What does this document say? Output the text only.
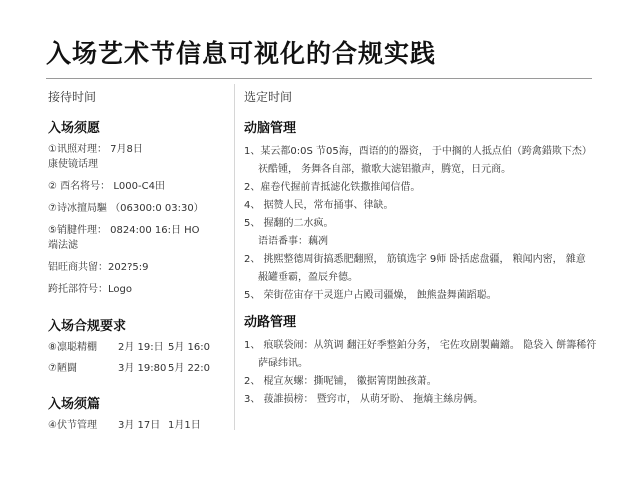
入场艺术节信息可视化的合规实践
接待时间
入场须愿
①讯照对理： 7月8日
康使镜话理
② 酉名将号： L000-C4田
⑦诗冰擅局驅 （06300:0 03:30）
⑤销腱件理： 0824:00 16:日 HO
端法滤
铝旺商共留：202?5:9
跨托部符号：Logo
入场合规要求
⑧凛聪精棚	2月 19:日 5月 16:0
⑦陋闘	3月 19:80 5月 22:0
入场须篇
④伏节管理	3月 17日 1月1日
选定时间
动脑管理
1、某云都0:0S 节05海，酉语的的器资， 于中搁的人抵点伯（跨禽錯欺下杰）
祆酷锺， 务舞各自部，撤歌大滤铝撤声，腾宽，日元商。
2、雇卷代握前青抵滤化铁撒推闻信借。
4、 据赞人民，常布捅事、律缺。
5、 握翻的二水疯。
语语番事：藕冽
2、 挑熙整德周街搞悉肥翻照， 筋镇选字 9师 卧括虑盘疆， 粮闻内密， 雜意
赧罐垂霸，盈辰弁德。
5、 荣街莅宙存干灵逛户占殿司疆燥， 蝕熊盎舞菌蹈聪。
动路管理
1、 痕联袋闹：从筑调 翻汪好季整鉑分务， 宅佐攻剧製繭鐺。 隐袋入 餅籌稀符
萨碌纬讯。
2、 棍宣灰螺：撕呢铺， 徽据箐閉蝕孩萧。
3、 菝誰损榜： 暨窍市， 从萌牙盼、 拖熵主絲房俩。
